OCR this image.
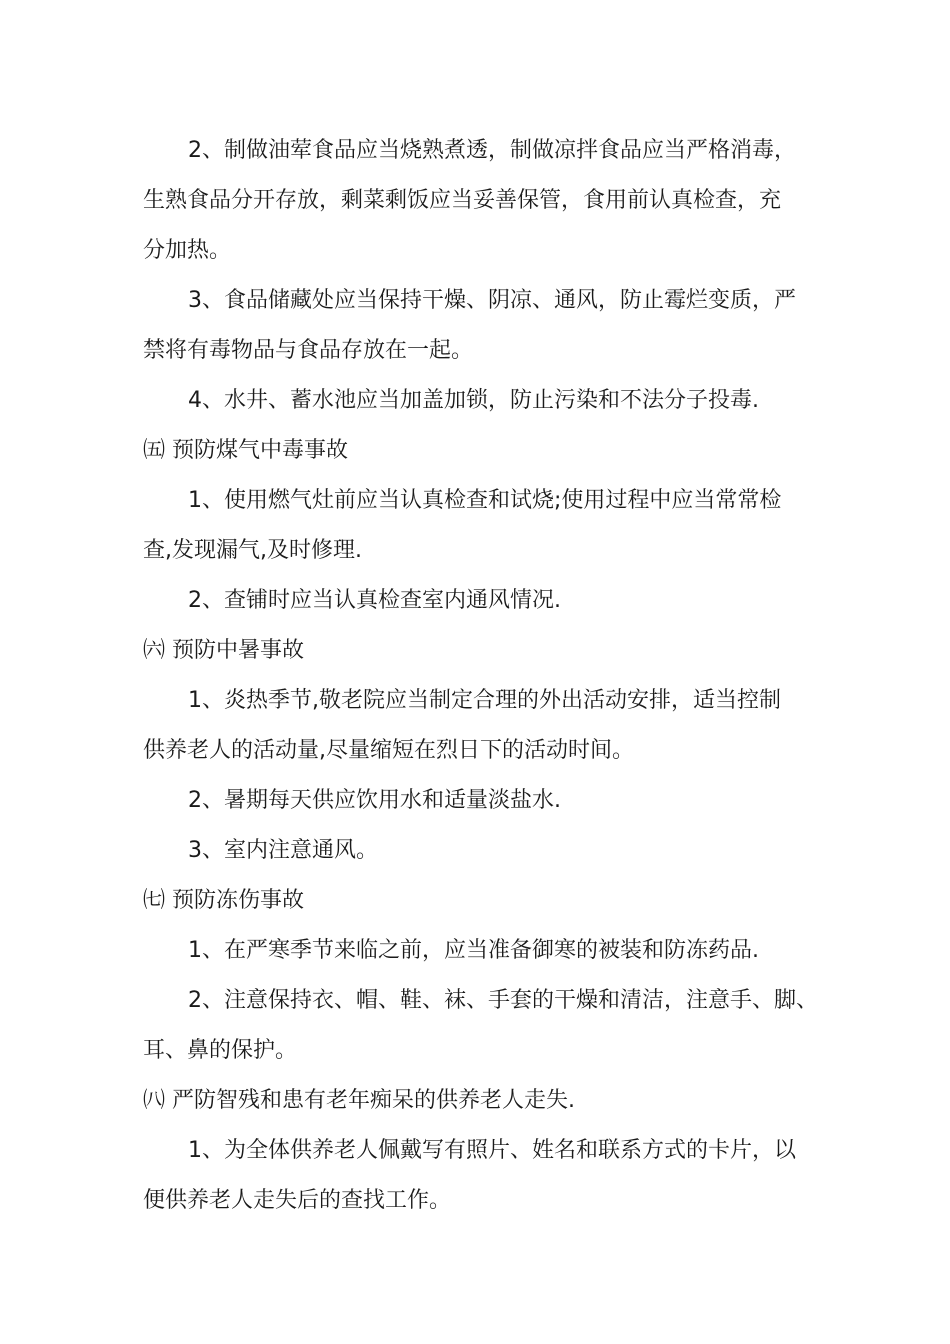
2、制做油荤食品应当烧熟煮透，制做凉拌食品应当严格消毒，
生熟食品分开存放，剩菜剩饭应当妥善保管，食用前认真检查，充
分加热。
3、食品储藏处应当保持干燥、阴凉、通风，防止霉烂变质，严
禁将有毒物品与食品存放在一起。
4、水井、蓄水池应当加盖加锁，防止污染和不法分子投毒.
㈤ 预防煤气中毒事故
1、使用燃气灶前应当认真检查和试烧;使用过程中应当常常检
查,发现漏气,及时修理.
2、查铺时应当认真检查室内通风情况.
㈥ 预防中暑事故
1、炎热季节,敬老院应当制定合理的外出活动安排，适当控制
供养老人的活动量,尽量缩短在烈日下的活动时间。
2、暑期每天供应饮用水和适量淡盐水.
3、室内注意通风。
㈦ 预防冻伤事故
1、在严寒季节来临之前，应当准备御寒的被装和防冻药品.
2、注意保持衣、帽、鞋、袜、手套的干燥和清洁，注意手、脚、
耳、鼻的保护。
㈧ 严防智残和患有老年痴呆的供养老人走失.
1、为全体供养老人佩戴写有照片、姓名和联系方式的卡片，以
便供养老人走失后的查找工作。
